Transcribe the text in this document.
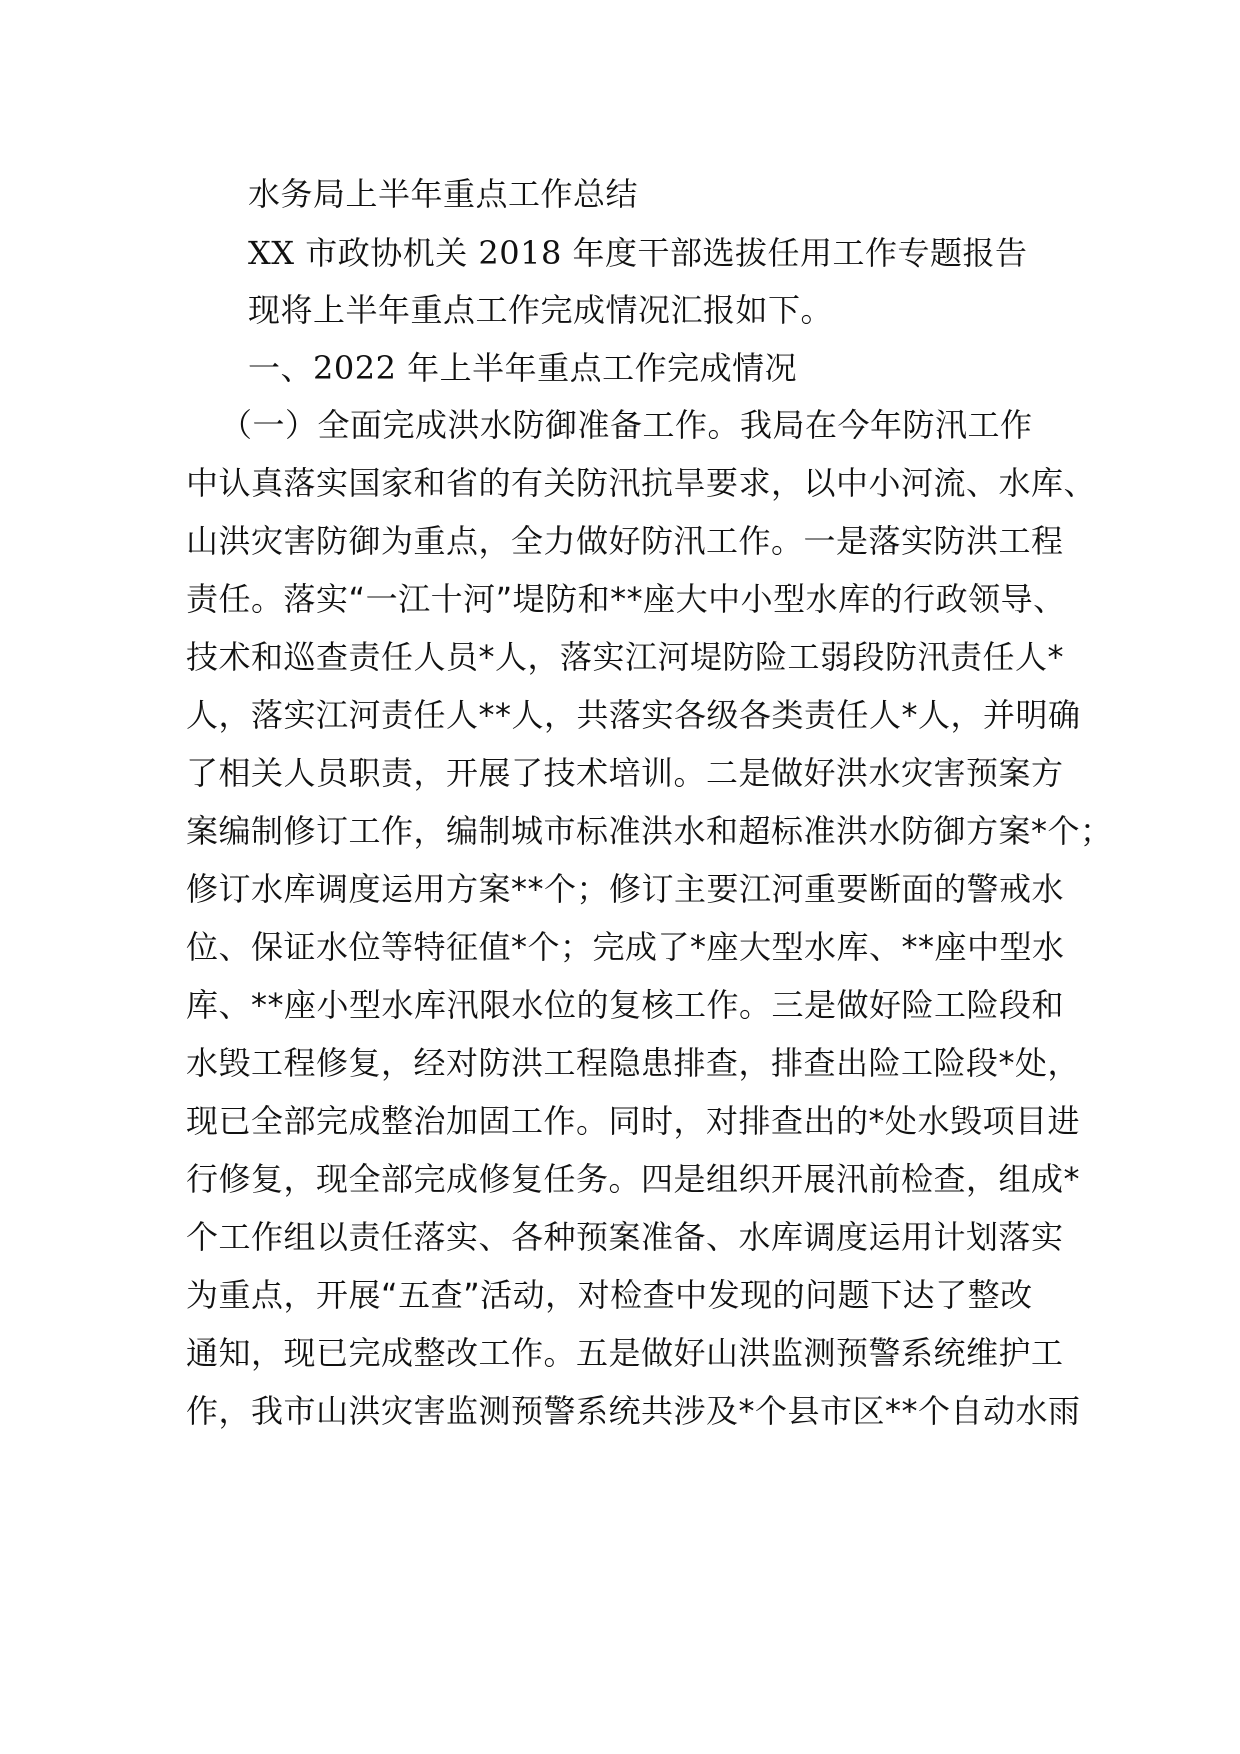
水务局上半年重点工作总结
XX 市政协机关 2018 年度干部选拔任用工作专题报告
现将上半年重点工作完成情况汇报如下。
一、2022 年上半年重点工作完成情况
（一）全面完成洪水防御准备工作。我局在今年防汛工作
中认真落实国家和省的有关防汛抗旱要求，以中小河流、水库、
山洪灾害防御为重点，全力做好防汛工作。一是落实防洪工程
责任。落实“一江十河”堤防和**座大中小型水库的行政领导、
技术和巡查责任人员*人，落实江河堤防险工弱段防汛责任人*
人，落实江河责任人**人，共落实各级各类责任人*人，并明确
了相关人员职责，开展了技术培训。二是做好洪水灾害预案方
案编制修订工作，编制城市标准洪水和超标准洪水防御方案*个；
修订水库调度运用方案**个；修订主要江河重要断面的警戒水
位、保证水位等特征值*个；完成了*座大型水库、**座中型水
库、**座小型水库汛限水位的复核工作。三是做好险工险段和
水毁工程修复，经对防洪工程隐患排查，排查出险工险段*处，
现已全部完成整治加固工作。同时，对排查出的*处水毁项目进
行修复，现全部完成修复任务。四是组织开展汛前检查，组成*
个工作组以责任落实、各种预案准备、水库调度运用计划落实
为重点，开展“五查”活动，对检查中发现的问题下达了整改
通知，现已完成整改工作。五是做好山洪监测预警系统维护工
作，我市山洪灾害监测预警系统共涉及*个县市区**个自动水雨
